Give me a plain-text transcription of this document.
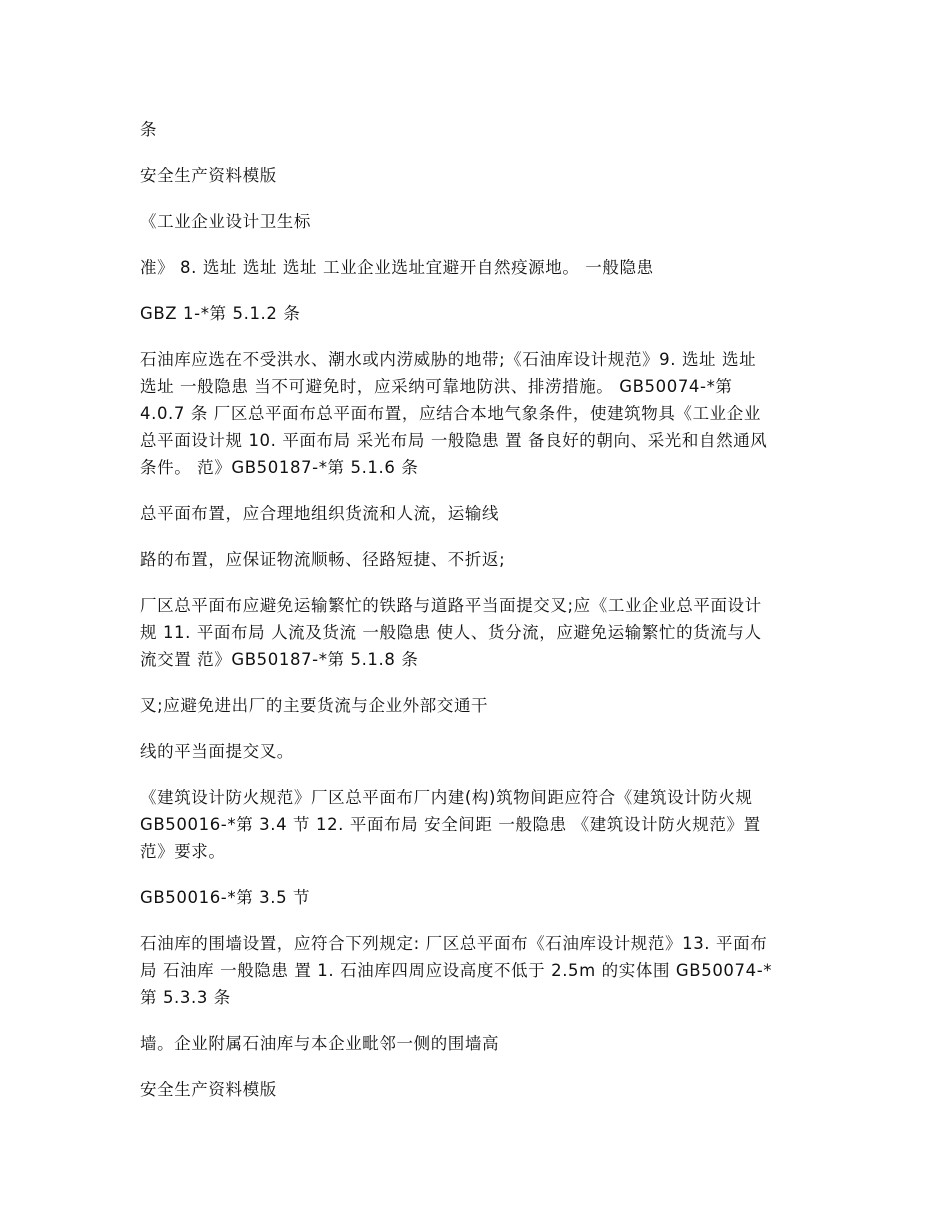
条
安全生产资料模版
《工业企业设计卫生标
准》 8. 选址 选址 选址 工业企业选址宜避开自然疫源地。 一般隐患
GBZ 1-*第 5.1.2 条
石油库应选在不受洪水、潮水或内涝威胁的地带;《石油库设计规范》9. 选址 选址
选址 一般隐患 当不可避免时，应采纳可靠地防洪、排涝措施。 GB50074-*第
4.0.7 条 厂区总平面布总平面布置，应结合本地气象条件，使建筑物具《工业企业
总平面设计规 10. 平面布局 采光布局 一般隐患 置 备良好的朝向、采光和自然通风
条件。 范》GB50187-*第 5.1.6 条
总平面布置，应合理地组织货流和人流，运输线
路的布置，应保证物流顺畅、径路短捷、不折返;
厂区总平面布应避免运输繁忙的铁路与道路平当面提交叉;应《工业企业总平面设计
规 11. 平面布局 人流及货流 一般隐患 使人、货分流，应避免运输繁忙的货流与人
流交置 范》GB50187-*第 5.1.8 条
叉;应避免进出厂的主要货流与企业外部交通干
线的平当面提交叉。
《建筑设计防火规范》厂区总平面布厂内建(构)筑物间距应符合《建筑设计防火规
GB50016-*第 3.4 节 12. 平面布局 安全间距 一般隐患 《建筑设计防火规范》置
范》要求。
GB50016-*第 3.5 节
石油库的围墙设置，应符合下列规定: 厂区总平面布《石油库设计规范》13. 平面布
局 石油库 一般隐患 置 1. 石油库四周应设高度不低于 2.5m 的实体围 GB50074-*
第 5.3.3 条
墙。企业附属石油库与本企业毗邻一侧的围墙高
安全生产资料模版
